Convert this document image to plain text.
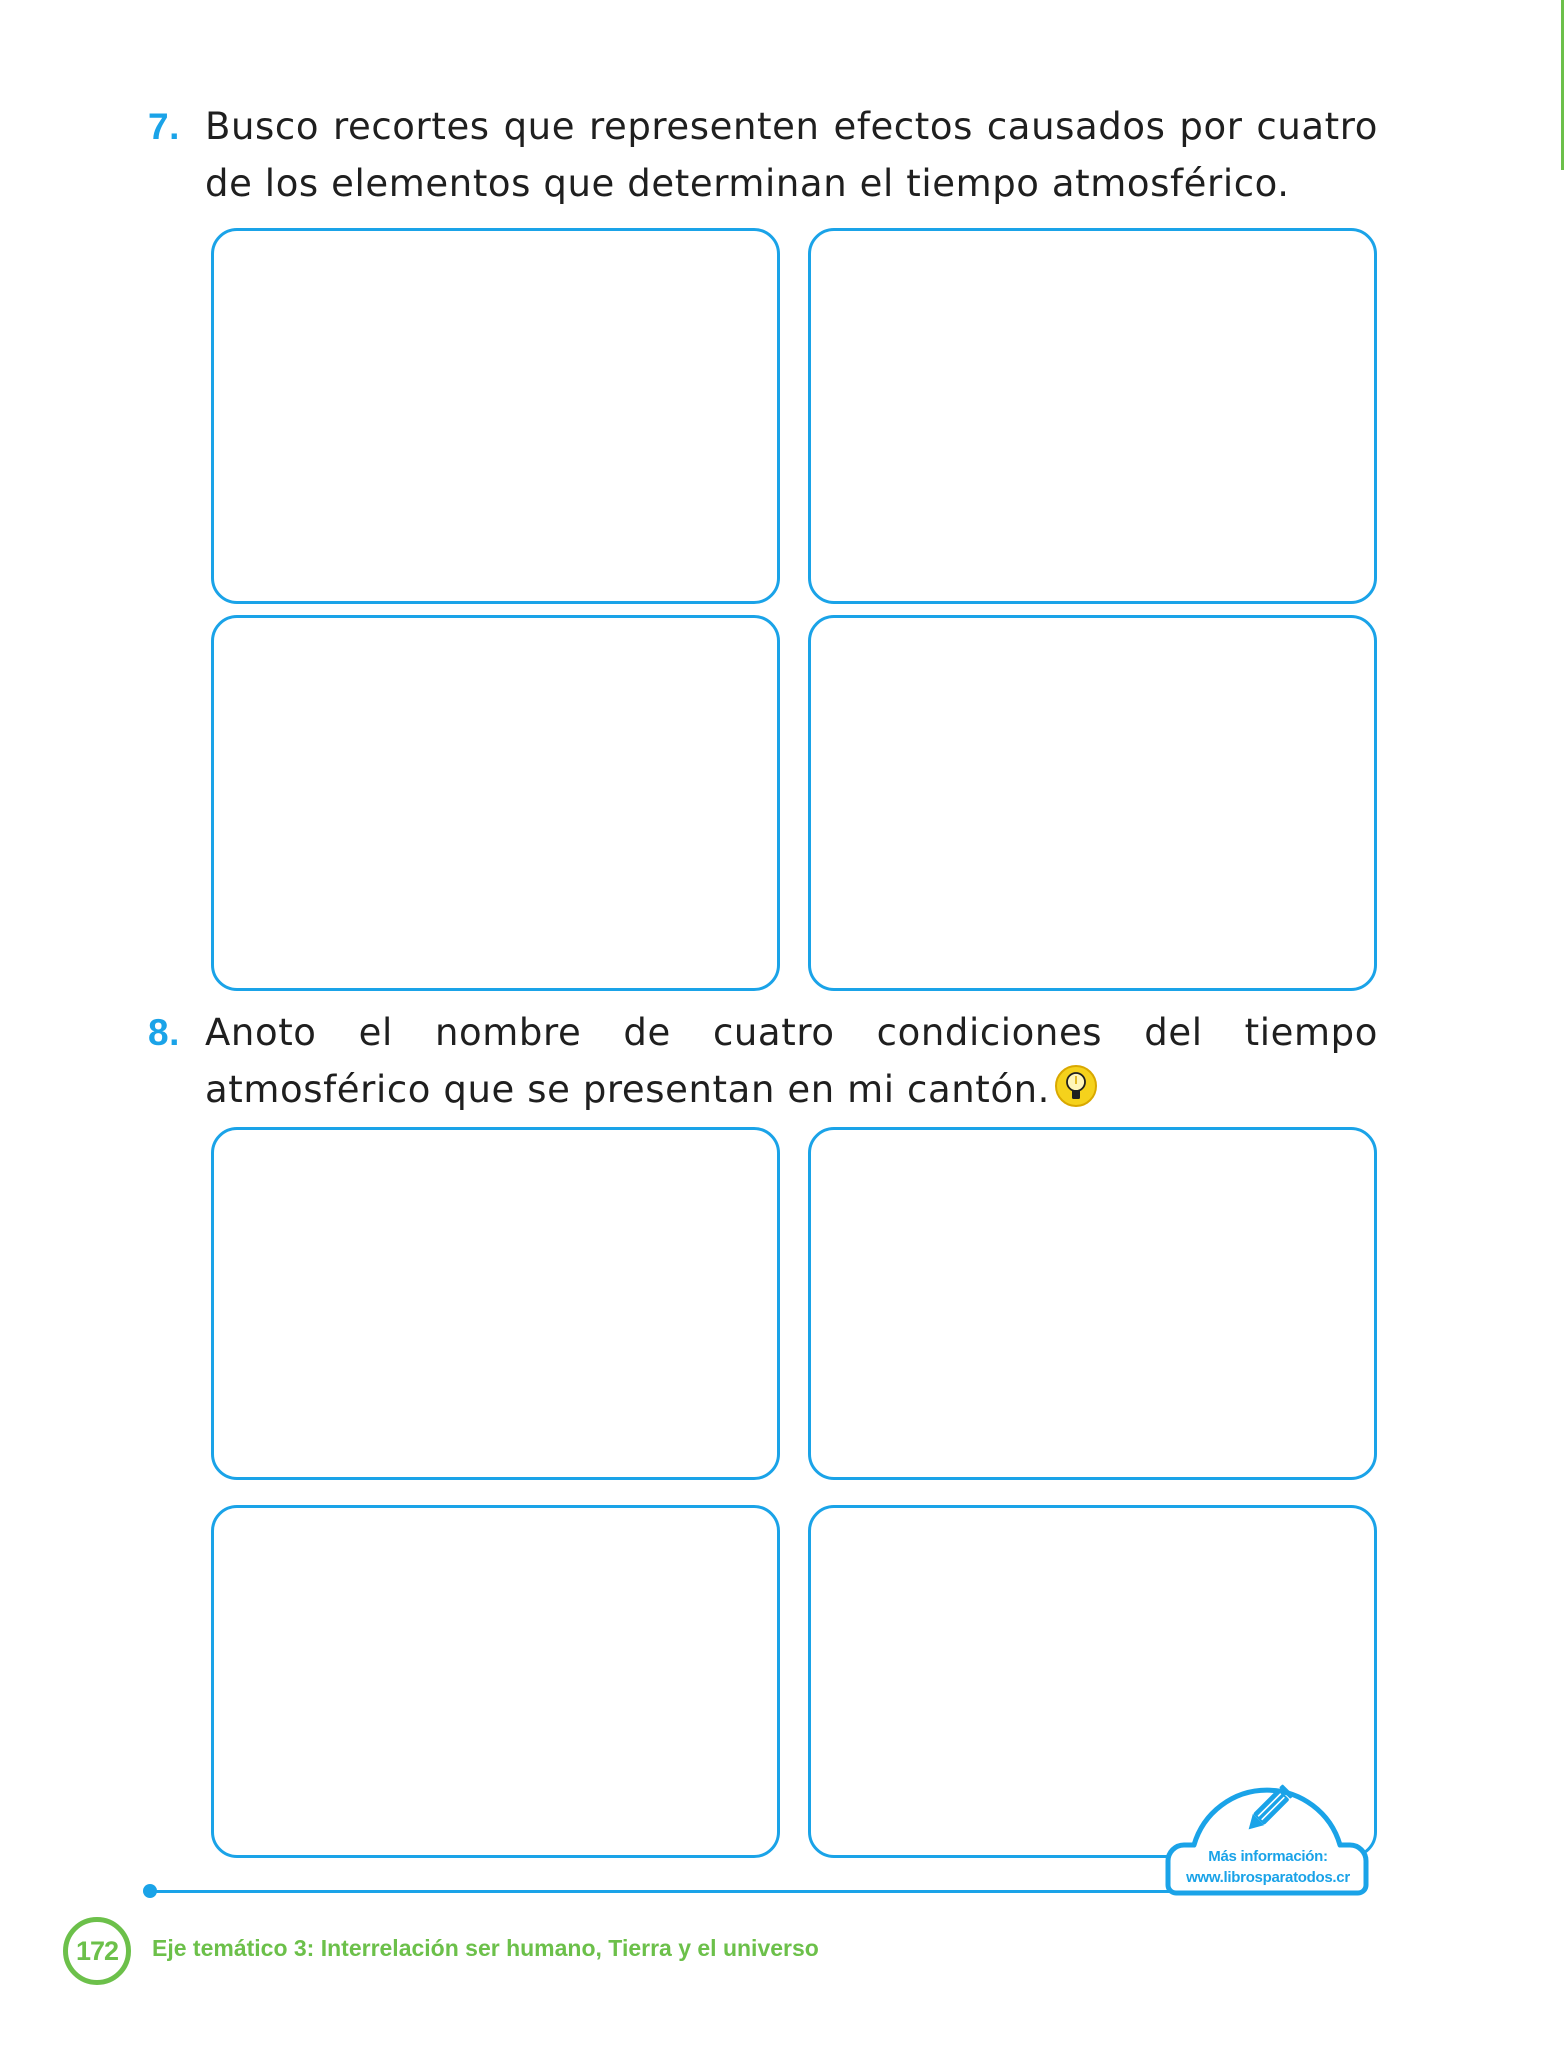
7. Busco recortes que representen efectos causados por cuatro de los elementos que determinan el tiempo atmosférico.
8. Anoto el nombre de cuatro condiciones del tiempo atmosférico que se presentan en mi cantón.
Más información:
www.librosparatodos.cr
172	Eje temático 3: Interrelación ser humano, Tierra y el universo
